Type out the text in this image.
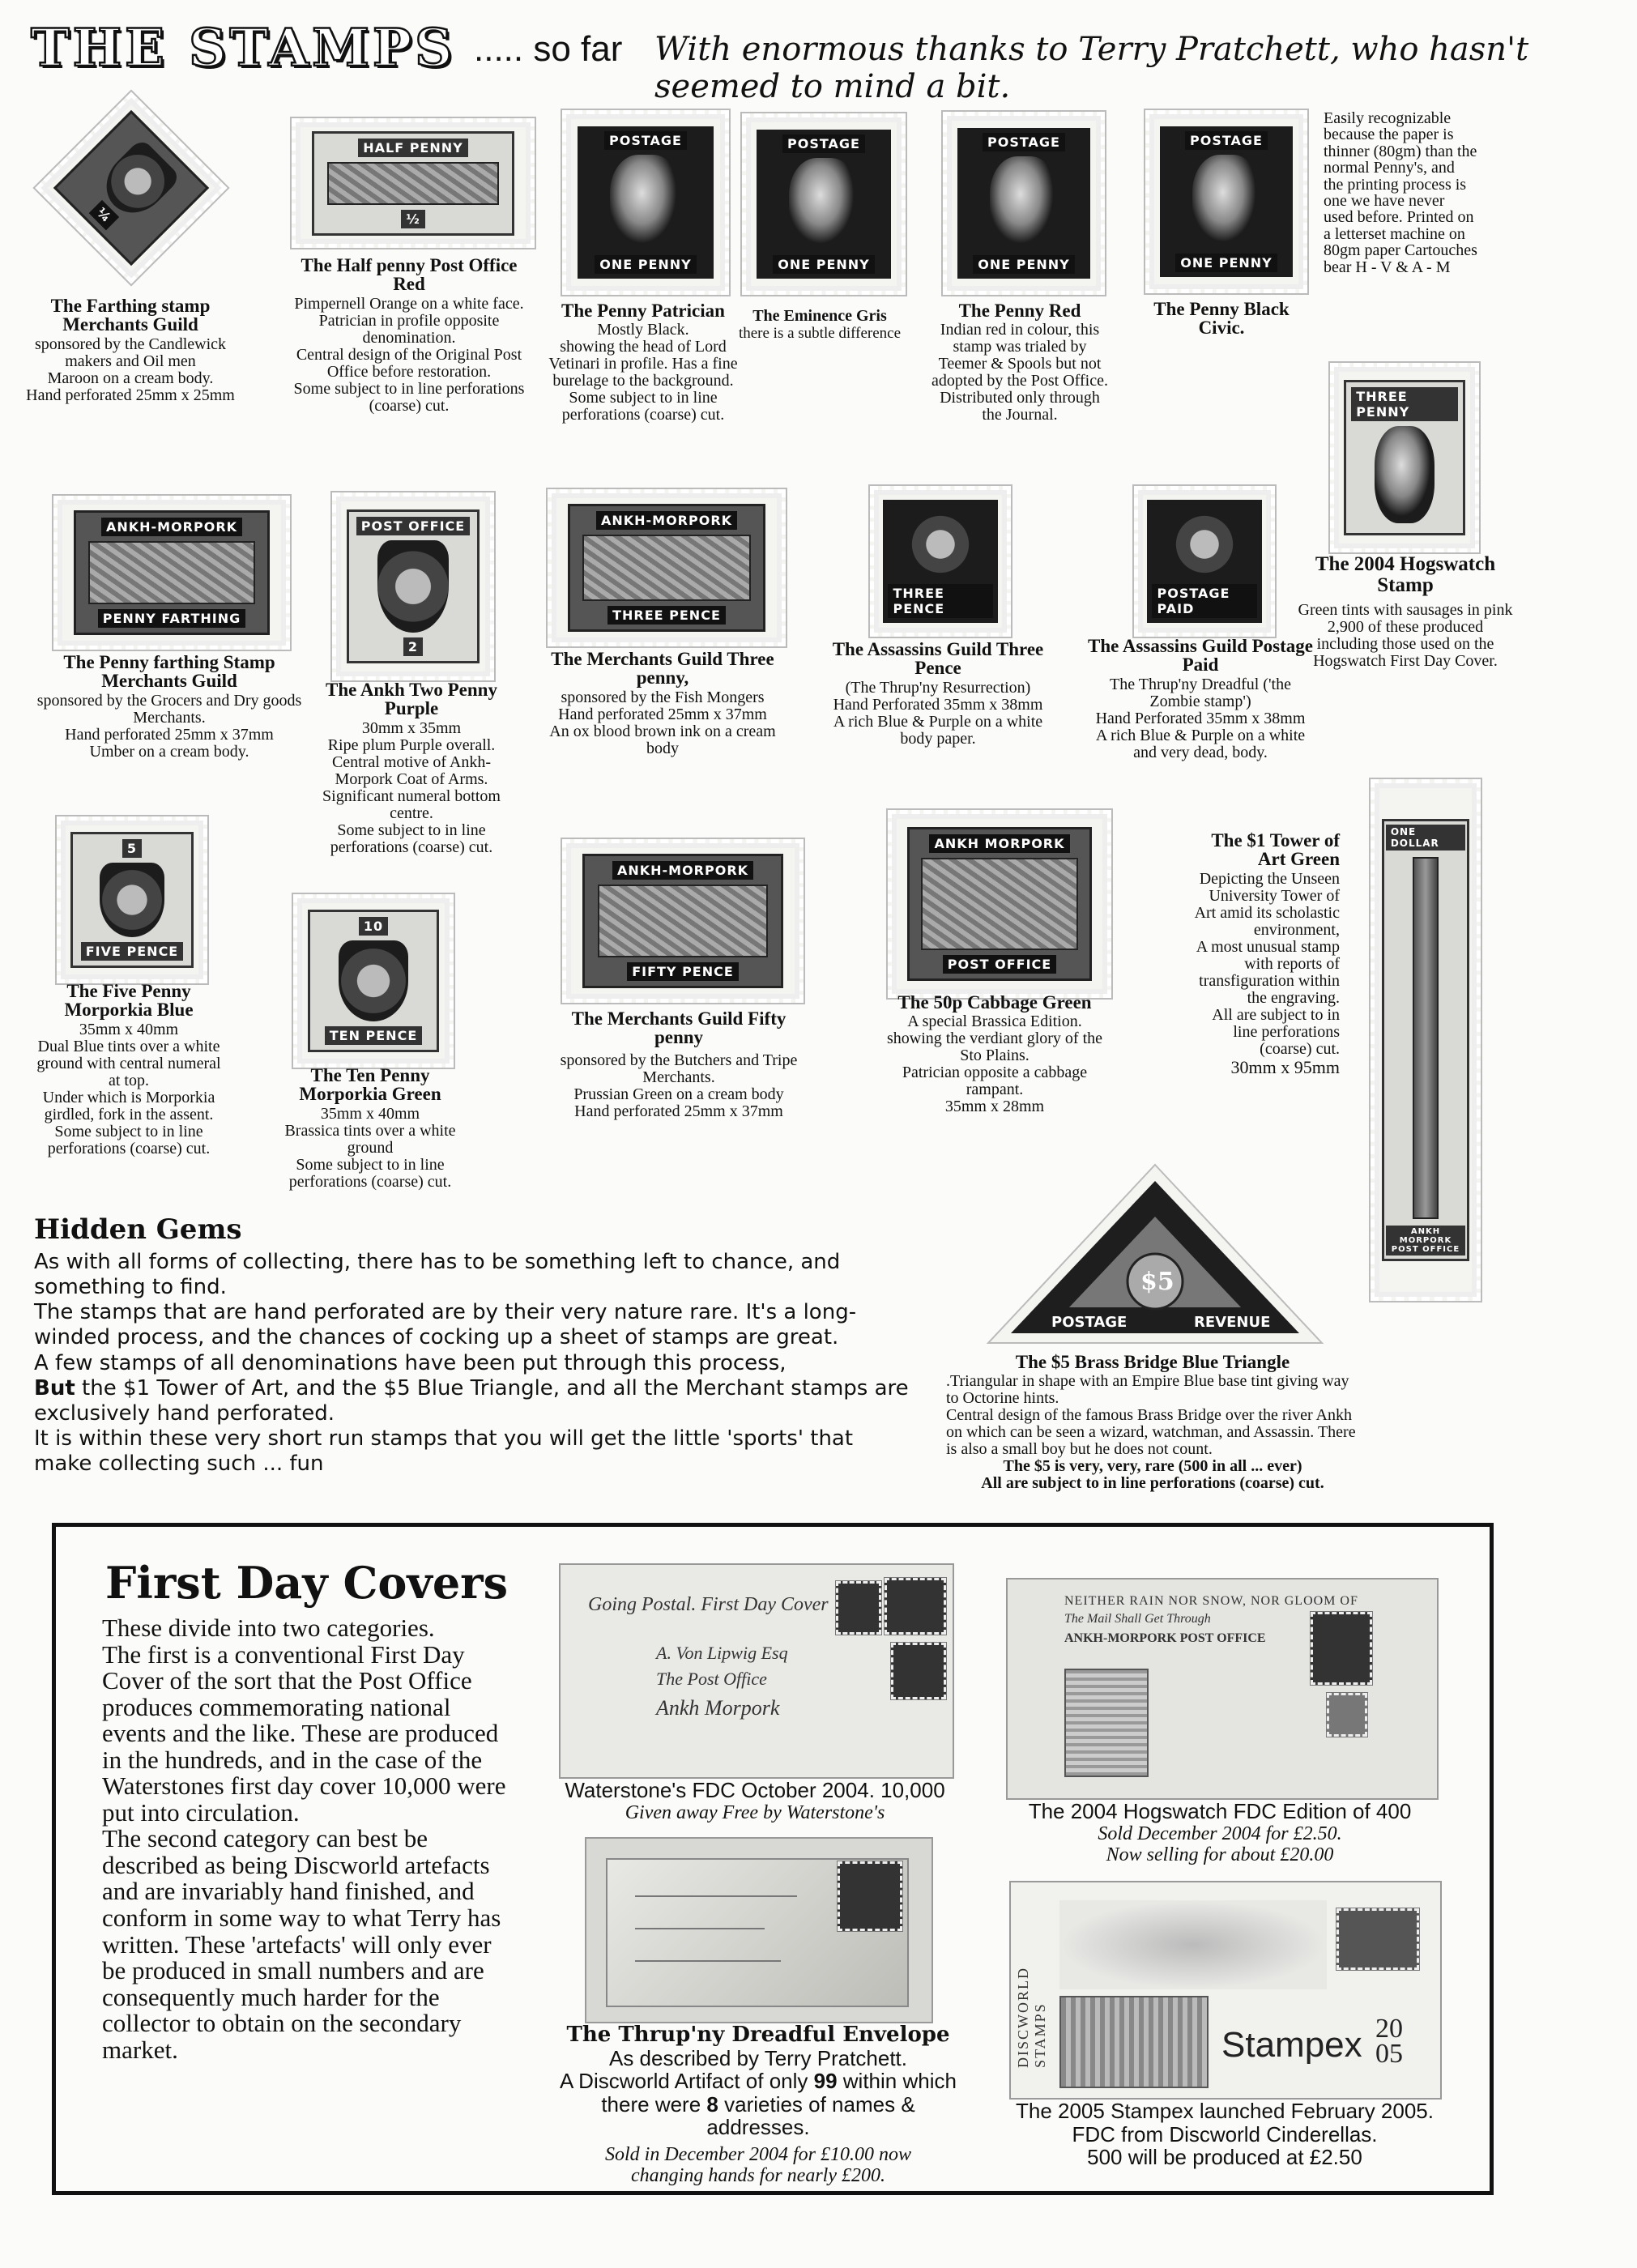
THE STAMPS ..... so far With enormous thanks to Terry Pratchett, who hasn't seemed to mind a bit.
¼
The Farthing stamp Merchants Guild

sponsored by the Candlewick makers and Oil men

Maroon on a cream body.

Hand perforated 25mm x 25mm

HALF PENNY
½
The Half penny Post Office Red

Pimpernell Orange on a white face.

Patrician in profile opposite denomination.

Central design of the Original Post Office before restoration.

Some subject to in line perforations (coarse) cut.

POSTAGE
ONE PENNY
The Penny Patrician

Mostly Black.

showing the head of Lord Vetinari in profile. Has a fine burelage to the background.

Some subject to in line perforations (coarse) cut.

POSTAGE
ONE PENNY
The Eminence Gris

there is a subtle difference

POSTAGE
ONE PENNY
The Penny Red

Indian red in colour, this stamp was trialed by Teemer & Spools but not adopted by the Post Office.

Distributed only through the Journal.

POSTAGE
ONE PENNY
The Penny Black Civic.
Easily recognizable because the paper is thinner (80gm) than the normal Penny's, and the printing process is one we have never used before. Printed on a letterset machine on 80gm paper Cartouches bear H - V & A - M
ANKH-MORPORK
PENNY FARTHING
The Penny farthing Stamp Merchants Guild

sponsored by the Grocers and Dry goods Merchants.

Hand perforated 25mm x 37mm

Umber on a cream body.

POST OFFICE
2
The Ankh Two Penny Purple

30mm x 35mm

Ripe plum Purple overall.

Central motive of Ankh-Morpork Coat of Arms.

Significant numeral bottom centre.

Some subject to in line perforations (coarse) cut.

ANKH-MORPORK
THREE PENCE
The Merchants Guild Three penny,

sponsored by the Fish Mongers

Hand perforated 25mm x 37mm

An ox blood brown ink on a cream body

THREE PENCE
The Assassins Guild Three Pence

(The Thrup'ny Resurrection)

Hand Perforated 35mm x 38mm

A rich Blue & Purple on a white body paper.

POSTAGE PAID
The Assassins Guild Postage Paid

The Thrup'ny Dreadful ('the Zombie stamp')

Hand Perforated 35mm x 38mm

A rich Blue & Purple on a white and very dead, body.

THREE PENNY
The 2004 Hogswatch Stamp

Green tints with sausages in pink

2,900 of these produced including those used on the Hogswatch First Day Cover.

5
FIVE PENCE
The Five Penny Morporkia Blue

35mm x 40mm

Dual Blue tints over a white ground with central numeral at top.

Under which is Morporkia girdled, fork in the assent.

Some subject to in line perforations (coarse) cut.

10
TEN PENCE
The Ten Penny Morporkia Green

35mm x 40mm

Brassica tints over a white ground

Some subject to in line perforations (coarse) cut.

ANKH-MORPORK
FIFTY PENCE
The Merchants Guild Fifty penny

sponsored by the Butchers and Tripe Merchants.

Prussian Green on a cream body

Hand perforated 25mm x 37mm

ANKH MORPORK
POST OFFICE
The 50p Cabbage Green

A special Brassica Edition. showing the verdiant glory of the Sto Plains.

Patrician opposite a cabbage rampant.

35mm x 28mm

The $1 Tower of Art Green

Depicting the Unseen University Tower of Art amid its scholastic environment,

A most unusual stamp with reports of transfiguration within the engraving.

All are subject to in line perforations (coarse) cut.

30mm x 95mm

ONE DOLLAR
ANKH MORPORK POST OFFICE
POSTAGE	REVENUE
$5
The $5 Brass Bridge Blue Triangle

.Triangular in shape with an Empire Blue base tint giving way to Octorine hints.

Central design of the famous Brass Bridge over the river Ankh on which can be seen a wizard, watchman, and Assassin. There is also a small boy but he does not count.

The $5 is very, very, rare (500 in all ... ever)

All are subject to in line perforations (coarse) cut.

Hidden Gems

As with all forms of collecting, there has to be something left to chance, and something to find.

The stamps that are hand perforated are by their very nature rare. It's a long-winded process, and the chances of cocking up a sheet of stamps are great.

A few stamps of all denominations have been put through this process,
But the $1 Tower of Art, and the $5 Blue Triangle, and all the Merchant stamps are exclusively hand perforated.

It is within these very short run stamps that you will get the little 'sports' that make collecting such ... fun

First Day Covers

These divide into two categories.

The first is a conventional First Day Cover of the sort that the Post Office produces commemorating national events and the like. These are produced in the hundreds, and in the case of the Waterstones first day cover 10,000 were put into circulation.

The second category can best be described as being Discworld artefacts and are invariably hand finished, and conform in some way to what Terry has written. These 'artefacts' will only ever be produced in small numbers and are consequently much harder for the collector to obtain on the secondary market.

Going Postal. First Day Cover
A. Von Lipwig Esq
The Post Office
Ankh Morpork

Waterstone's FDC October 2004. 10,000

Given away Free by Waterstone's

NEITHER RAIN NOR SNOW, NOR GLOOM OF
The Mail Shall Get Through
ANKH-MORPORK POST OFFICE

The 2004 Hogswatch FDC Edition of 400

Sold December 2004 for £2.50.

Now selling for about £20.00

The Thrup'ny Dreadful Envelope

As described by Terry Pratchett.

A Discworld Artifact of only 99 within which there were 8 varieties of names & addresses.

Sold in December 2004 for £10.00 now

changing hands for nearly £200.

DISCWORLD STAMPS	Stampex 2005

The 2005 Stampex launched February 2005.

FDC from Discworld Cinderellas.

500 will be produced at £2.50
